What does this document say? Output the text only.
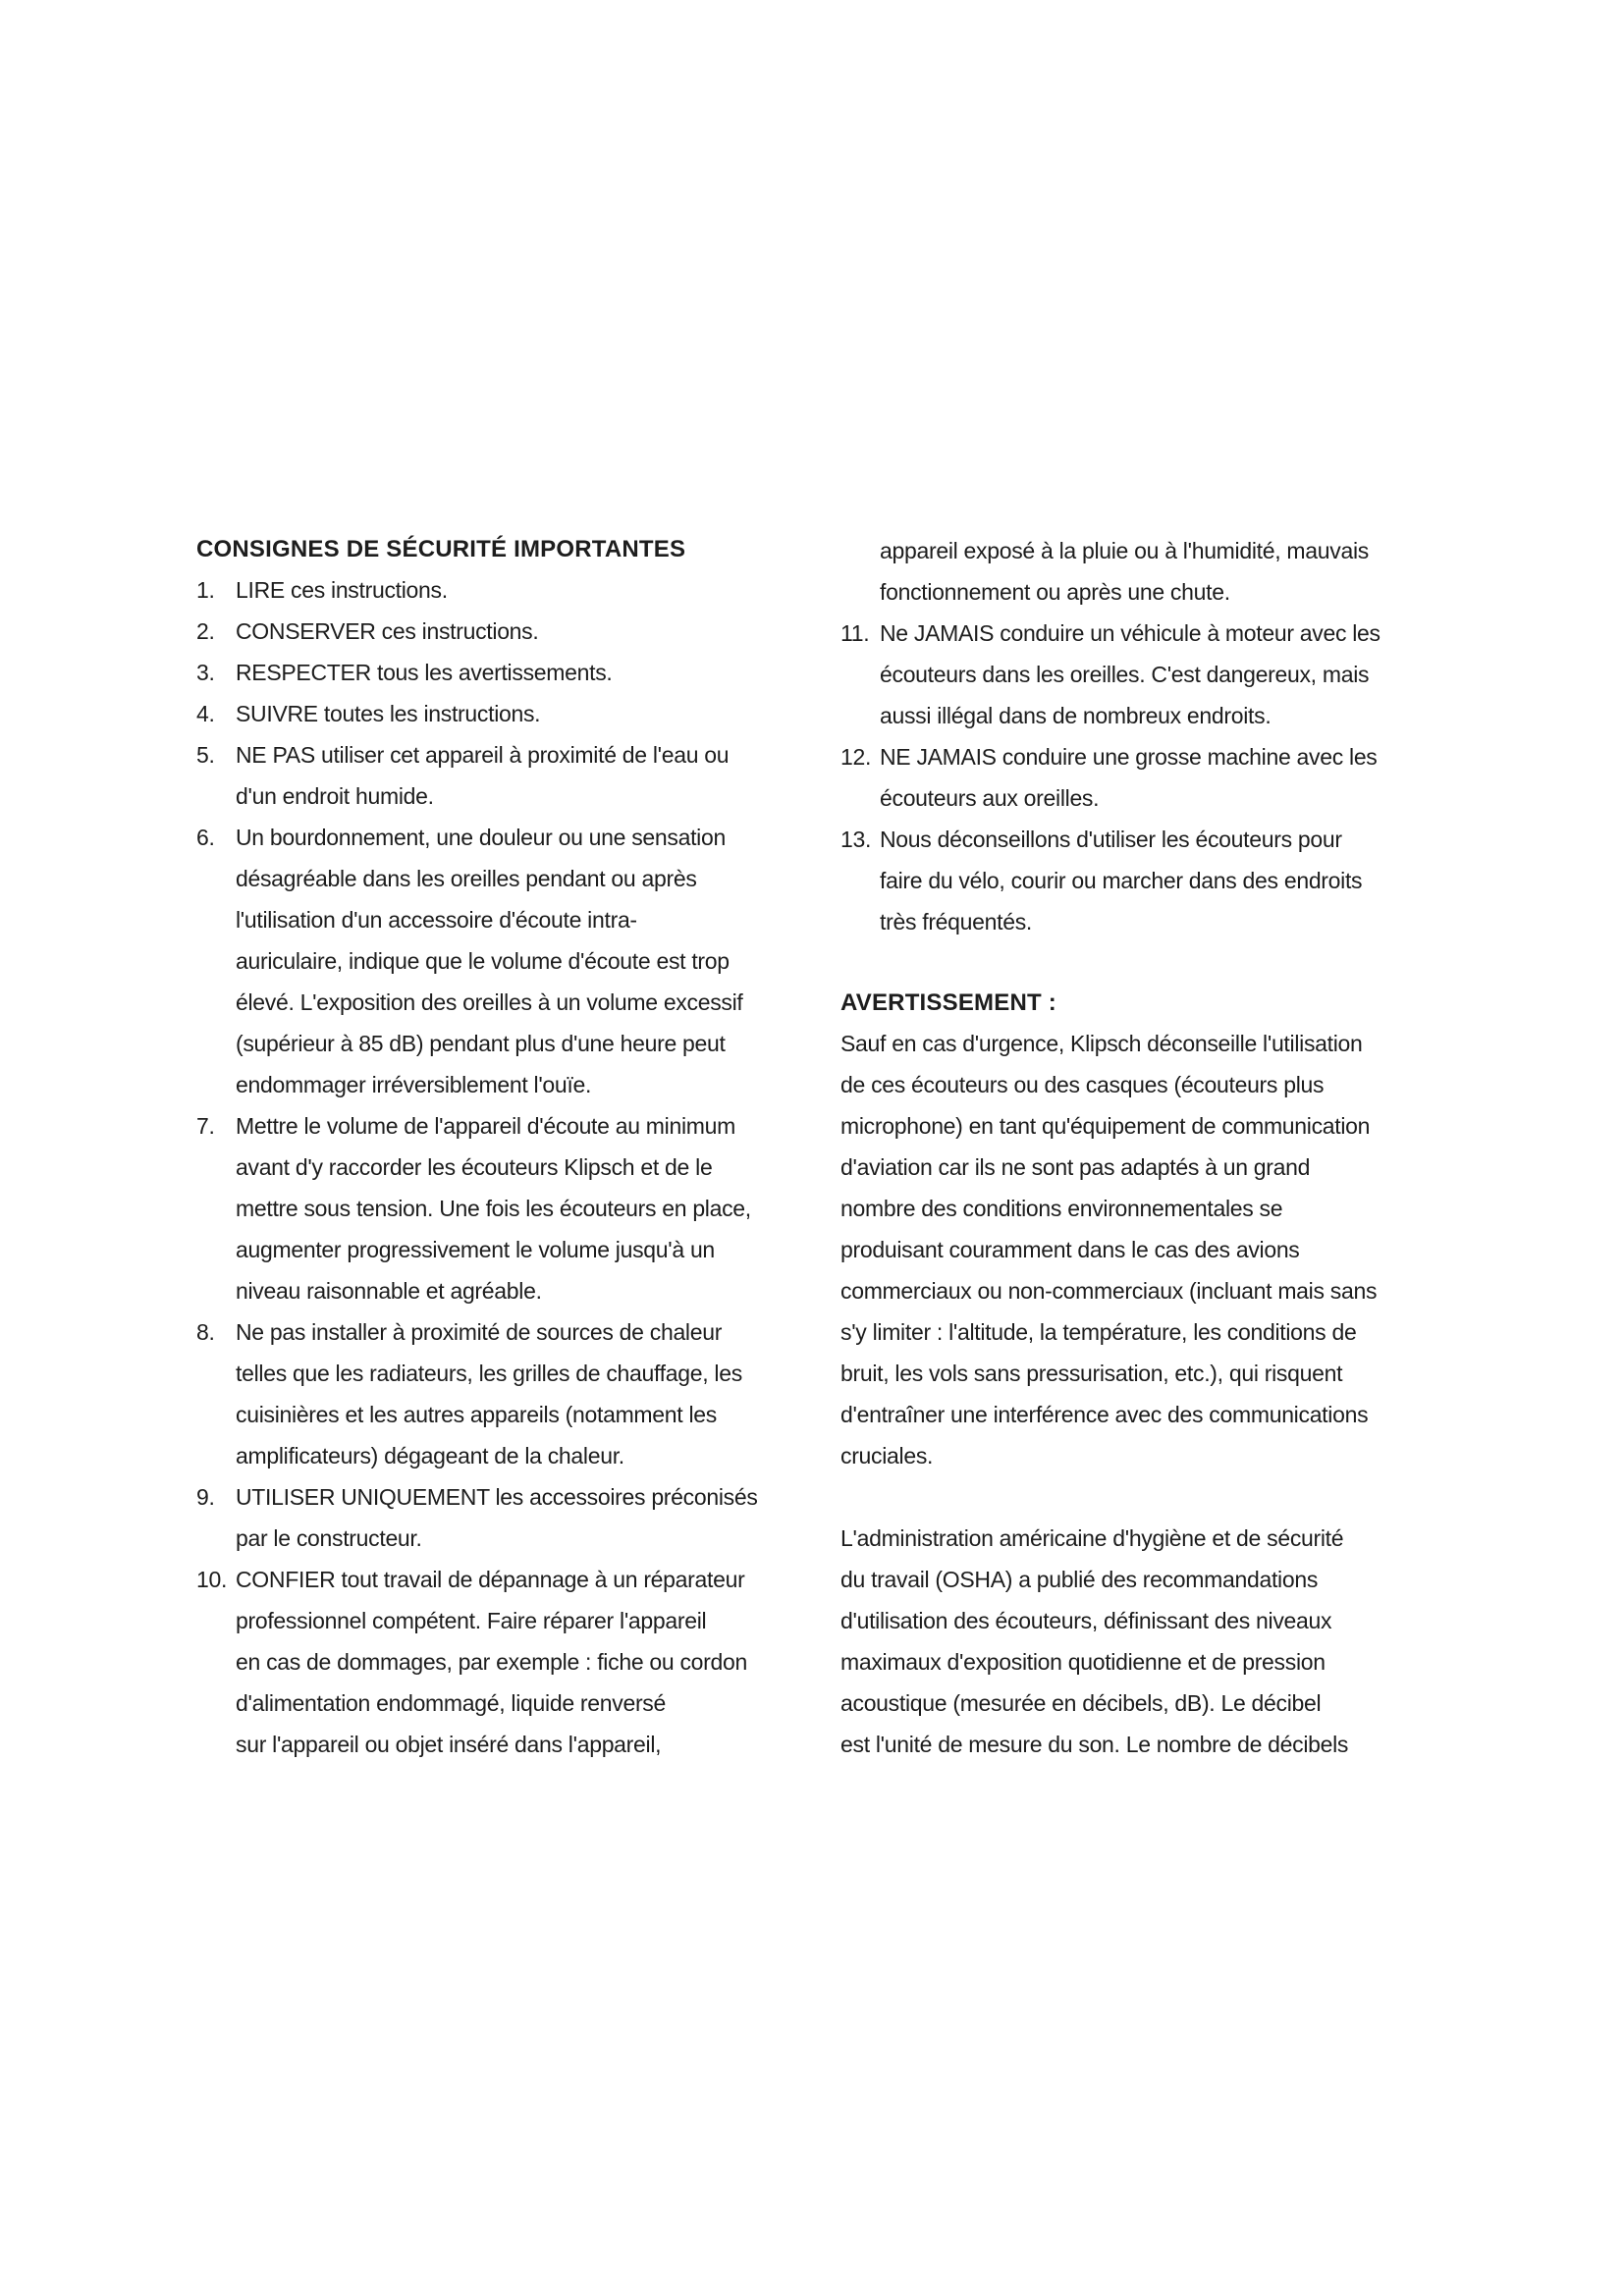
CONSIGNES DE SÉCURITÉ IMPORTANTES
1. LIRE ces instructions.
2. CONSERVER ces instructions.
3. RESPECTER tous les avertissements.
4. SUIVRE toutes les instructions.
5. NE PAS utiliser cet appareil à proximité de l'eau ou
d'un endroit humide.
6. Un bourdonnement, une douleur ou une sensation
désagréable dans les oreilles pendant ou après
l'utilisation d'un accessoire d'écoute intra-
auriculaire, indique que le volume d'écoute est trop
élevé. L'exposition des oreilles à un volume excessif
(supérieur à 85 dB) pendant plus d'une heure peut
endommager irréversiblement l'ouïe.
7. Mettre le volume de l'appareil d'écoute au minimum
avant d'y raccorder les écouteurs Klipsch et de le
mettre sous tension. Une fois les écouteurs en place,
augmenter progressivement le volume jusqu'à un
niveau raisonnable et agréable.
8. Ne pas installer à proximité de sources de chaleur
telles que les radiateurs, les grilles de chauffage, les
cuisinières et les autres appareils (notamment les
amplificateurs) dégageant de la chaleur.
9. UTILISER UNIQUEMENT les accessoires préconisés
par le constructeur.
10. CONFIER tout travail de dépannage à un réparateur
professionnel compétent. Faire réparer l'appareil
en cas de dommages, par exemple : fiche ou cordon
d'alimentation endommagé, liquide renversé
sur l'appareil ou objet inséré dans l'appareil,
appareil exposé à la pluie ou à l'humidité, mauvais
fonctionnement ou après une chute.
11. Ne JAMAIS conduire un véhicule à moteur avec les
écouteurs dans les oreilles. C'est dangereux, mais
aussi illégal dans de nombreux endroits.
12. NE JAMAIS conduire une grosse machine avec les
écouteurs aux oreilles.
13. Nous déconseillons d'utiliser les écouteurs pour
faire du vélo, courir ou marcher dans des endroits
très fréquentés.
AVERTISSEMENT :
Sauf en cas d'urgence, Klipsch déconseille l'utilisation
de ces écouteurs ou des casques (écouteurs plus
microphone) en tant qu'équipement de communication
d'aviation car ils ne sont pas adaptés à un grand
nombre des conditions environnementales se
produisant couramment dans le cas des avions
commerciaux ou non-commerciaux (incluant mais sans
s'y limiter : l'altitude, la température, les conditions de
bruit, les vols sans pressurisation, etc.), qui risquent
d'entraîner une interférence avec des communications
cruciales.
L'administration américaine d'hygiène et de sécurité
du travail (OSHA) a publié des recommandations
d'utilisation des écouteurs, définissant des niveaux
maximaux d'exposition quotidienne et de pression
acoustique (mesurée en décibels, dB). Le décibel
est l'unité de mesure du son. Le nombre de décibels
